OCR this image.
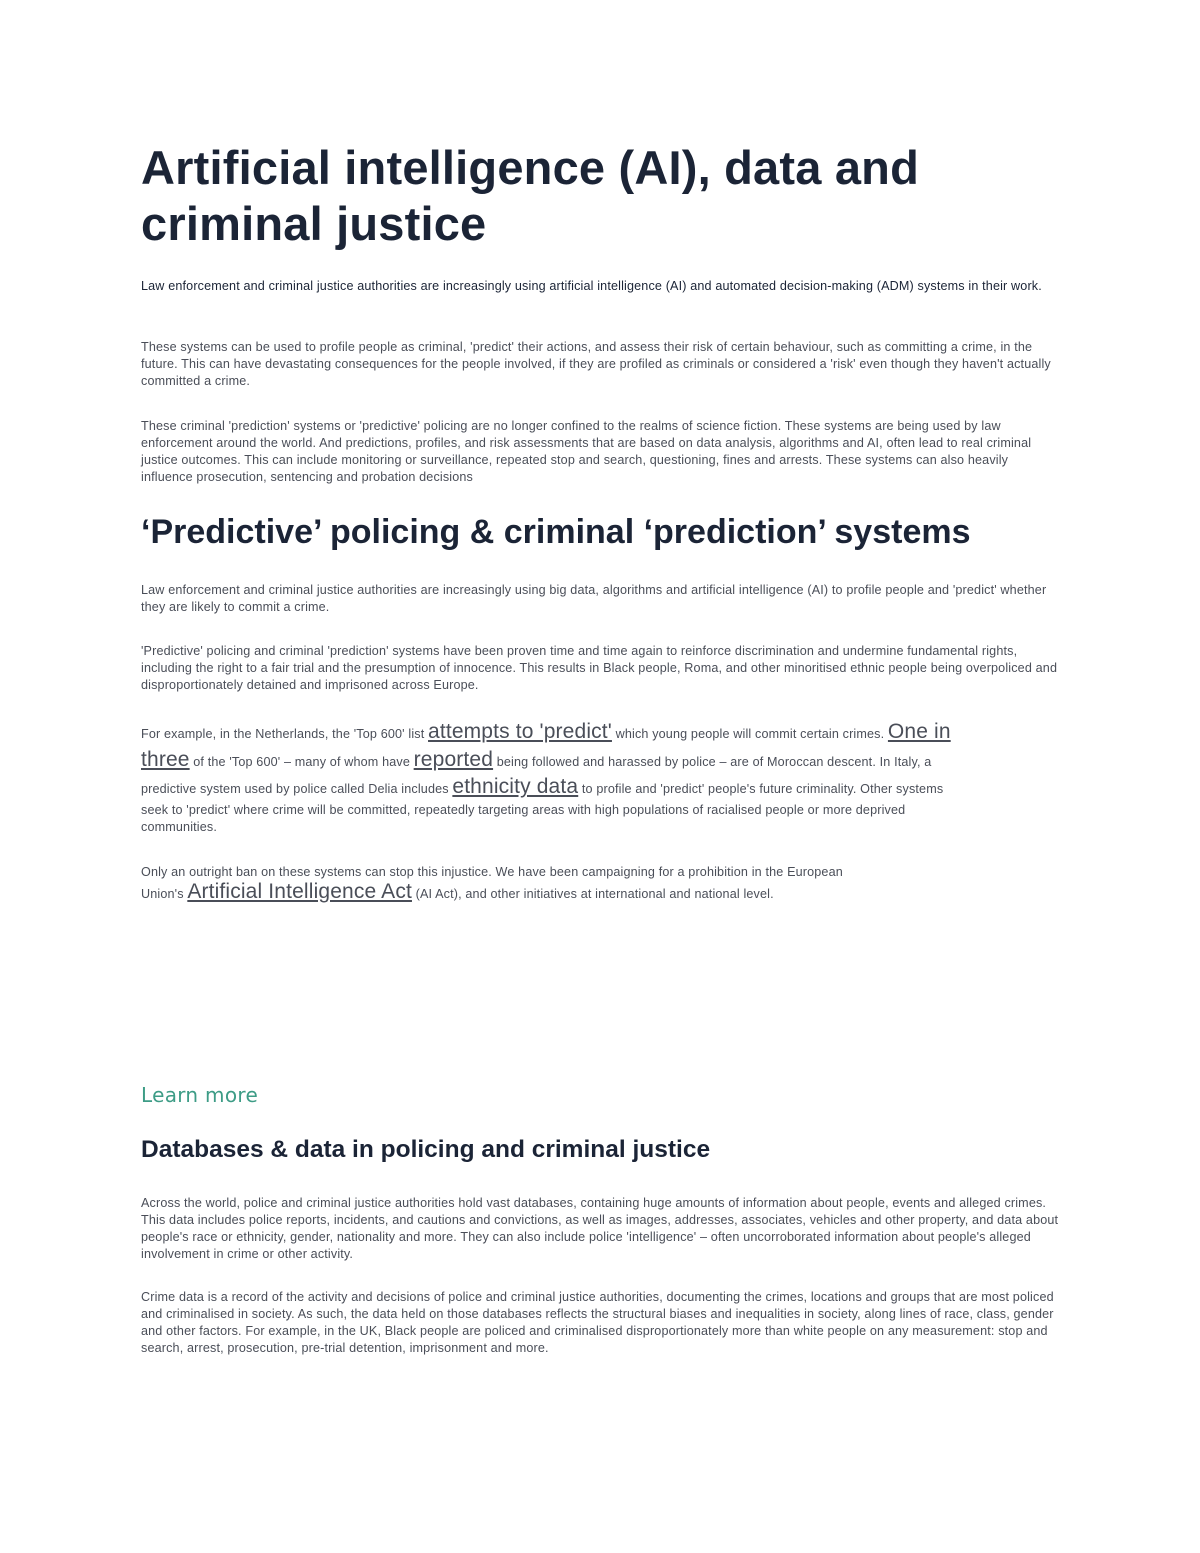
Artificial intelligence (AI), data and criminal justice

Law enforcement and criminal justice authorities are increasingly using artificial intelligence (AI) and automated decision-making (ADM) systems in their work.

These systems can be used to profile people as criminal, 'predict' their actions, and assess their risk of certain behaviour, such as committing a crime, in the future. This can have devastating consequences for the people involved, if they are profiled as criminals or considered a 'risk' even though they haven't actually committed a crime.

These criminal 'prediction' systems or 'predictive' policing are no longer confined to the realms of science fiction. These systems are being used by law enforcement around the world. And predictions, profiles, and risk assessments that are based on data analysis, algorithms and AI, often lead to real criminal justice outcomes. This can include monitoring or surveillance, repeated stop and search, questioning, fines and arrests. These systems can also heavily influence prosecution, sentencing and probation decisions

‘Predictive’ policing & criminal ‘prediction’ systems

Law enforcement and criminal justice authorities are increasingly using big data, algorithms and artificial intelligence (AI) to profile people and 'predict' whether they are likely to commit a crime.

'Predictive' policing and criminal 'prediction' systems have been proven time and time again to reinforce discrimination and undermine fundamental rights, including the right to a fair trial and the presumption of innocence. This results in Black people, Roma, and other minoritised ethnic people being overpoliced and disproportionately detained and imprisoned across Europe.

For example, in the Netherlands, the 'Top 600' list attempts to 'predict' which young people will commit certain crimes. One in
three of the 'Top 600' – many of whom have reported being followed and harassed by police – are of Moroccan descent. In Italy, a
predictive system used by police called Delia includes ethnicity data to profile and 'predict' people's future criminality. Other systems
seek to 'predict' where crime will be committed, repeatedly targeting areas with high populations of racialised people or more deprived
communities.
Only an outright ban on these systems can stop this injustice. We have been campaigning for a prohibition in the European
Union's Artificial Intelligence Act (AI Act), and other initiatives at international and national level.
Learn more
Databases & data in policing and criminal justice

Across the world, police and criminal justice authorities hold vast databases, containing huge amounts of information about people, events and alleged crimes. This data includes police reports, incidents, and cautions and convictions, as well as images, addresses, associates, vehicles and other property, and data about people's race or ethnicity, gender, nationality and more. They can also include police 'intelligence' – often uncorroborated information about people's alleged involvement in crime or other activity.

Crime data is a record of the activity and decisions of police and criminal justice authorities, documenting the crimes, locations and groups that are most policed and criminalised in society. As such, the data held on those databases reflects the structural biases and inequalities in society, along lines of race, class, gender and other factors. For example, in the UK, Black people are policed and criminalised disproportionately more than white people on any measurement: stop and search, arrest, prosecution, pre-trial detention, imprisonment and more.
